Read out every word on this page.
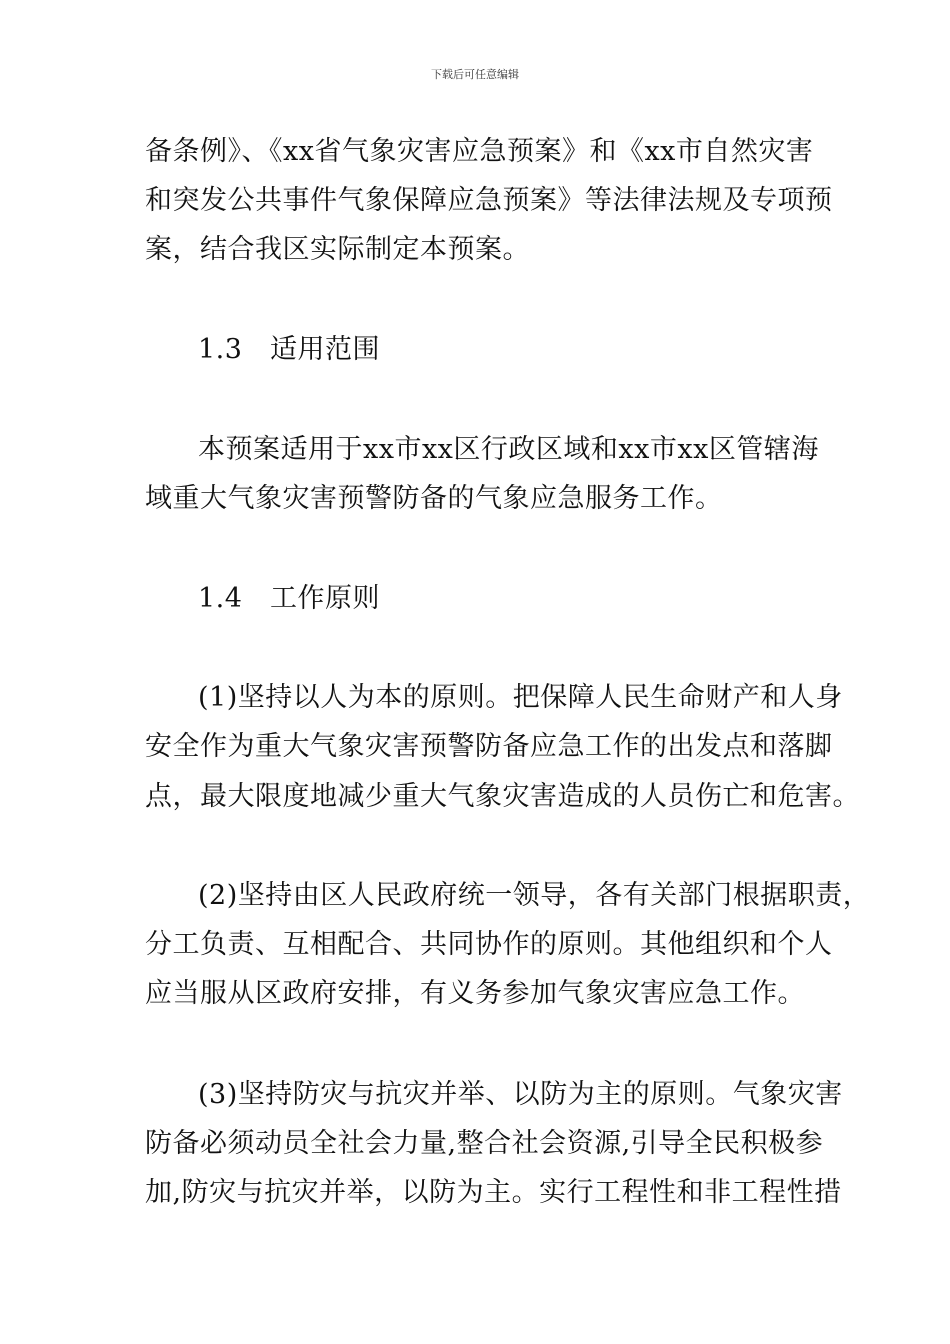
下载后可任意编辑
备条例》、《xx省气象灾害应急预案》和《xx市自然灾害
和突发公共事件气象保障应急预案》等法律法规及专项预
案，结合我区实际制定本预案。
1.3　适用范围
本预案适用于xx市xx区行政区域和xx市xx区管辖海
域重大气象灾害预警防备的气象应急服务工作。
1.4　工作原则
(1)坚持以人为本的原则。把保障人民生命财产和人身
安全作为重大气象灾害预警防备应急工作的出发点和落脚
点，最大限度地减少重大气象灾害造成的人员伤亡和危害。
(2)坚持由区人民政府统一领导，各有关部门根据职责，
分工负责、互相配合、共同协作的原则。其他组织和个人
应当服从区政府安排，有义务参加气象灾害应急工作。
(3)坚持防灾与抗灾并举、以防为主的原则。气象灾害
防备必须动员全社会力量,整合社会资源,引导全民积极参
加,防灾与抗灾并举，以防为主。实行工程性和非工程性措
